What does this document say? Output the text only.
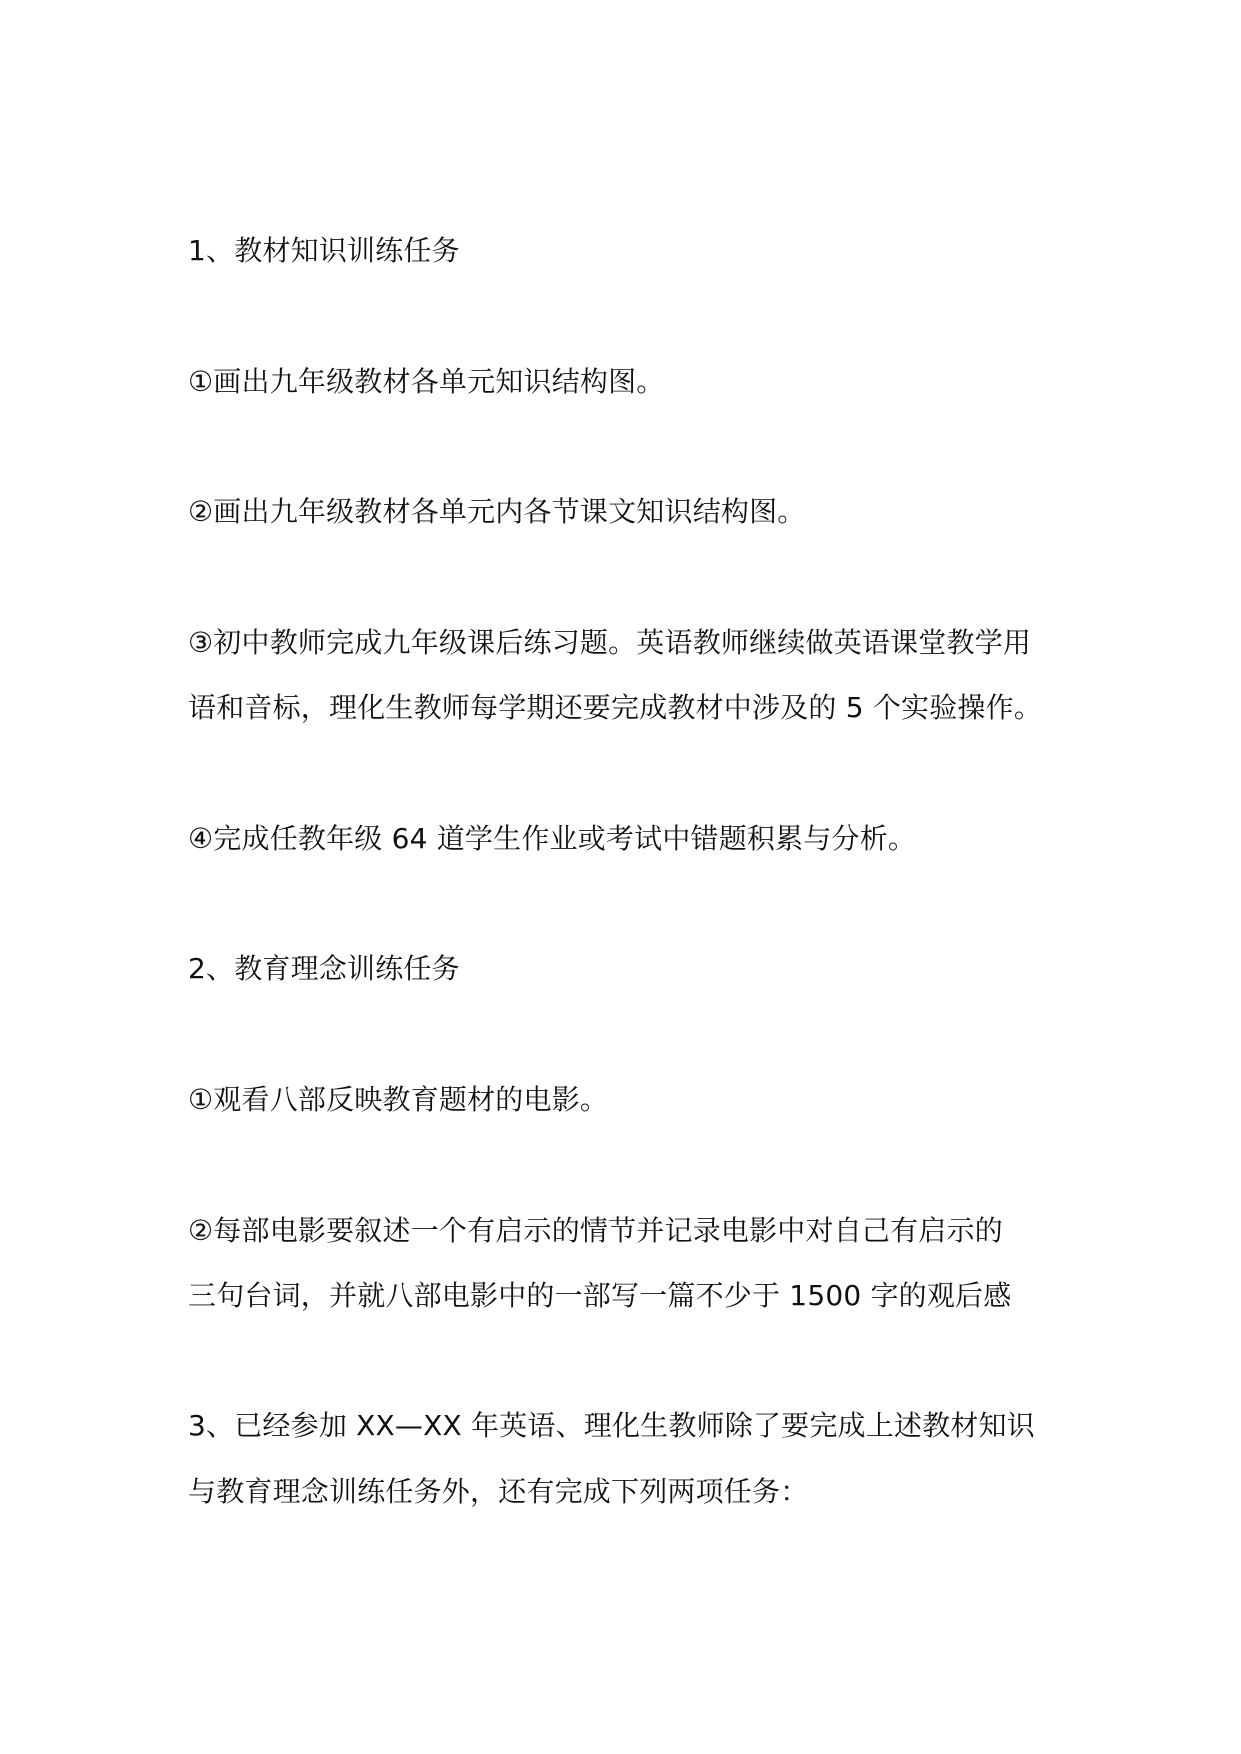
1、教材知识训练任务
①画出九年级教材各单元知识结构图。
②画出九年级教材各单元内各节课文知识结构图。
③初中教师完成九年级课后练习题。英语教师继续做英语课堂教学用
语和音标，理化生教师每学期还要完成教材中涉及的 5 个实验操作。
④完成任教年级 64 道学生作业或考试中错题积累与分析。
2、教育理念训练任务
①观看八部反映教育题材的电影。
②每部电影要叙述一个有启示的情节并记录电影中对自己有启示的
三句台词，并就八部电影中的一部写一篇不少于 1500 字的观后感
3、已经参加 XX—XX 年英语、理化生教师除了要完成上述教材知识
与教育理念训练任务外，还有完成下列两项任务：
